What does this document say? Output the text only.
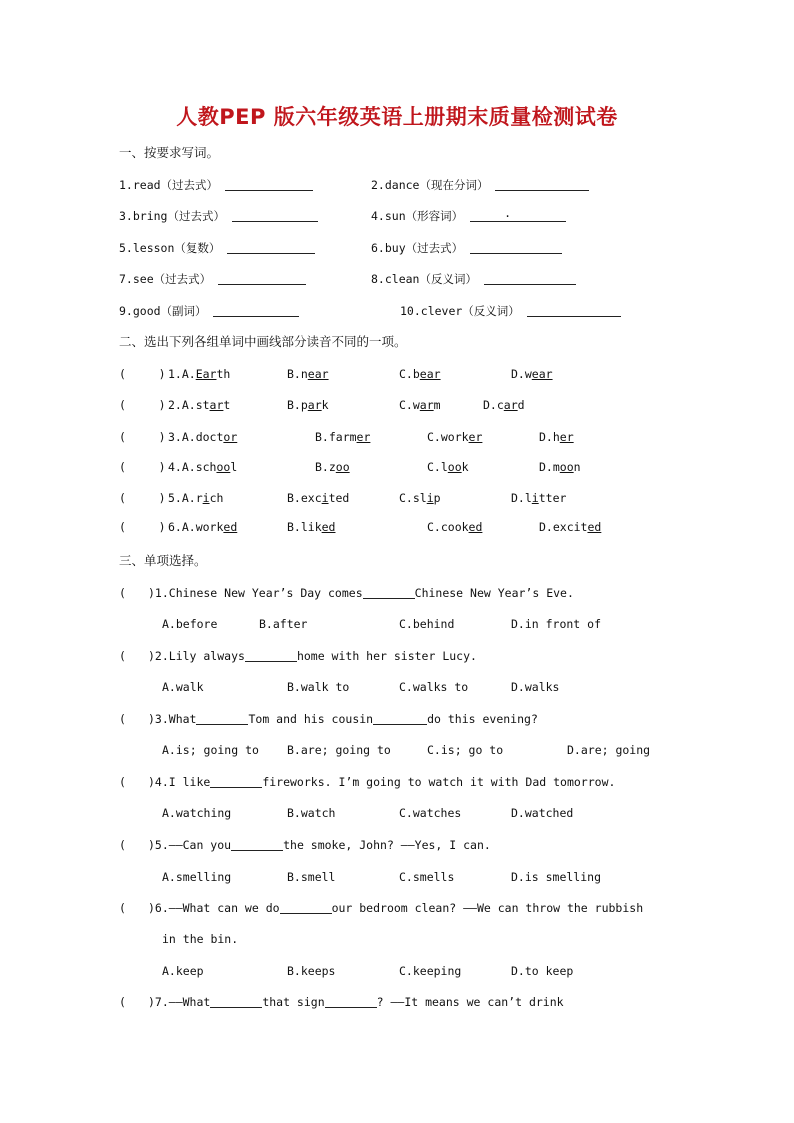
人教PEP 版六年级英语上册期末质量检测试卷
一、按要求写词。
1.read（过去式）	2.dance（现在分词）
3.bring（过去式）	4.sun（形容词）	.
5.lesson（复数）	6.buy（过去式）
7.see（过去式）	8.clean（反义词）
9.good（副词）	10.clever（反义词）
二、选出下列各组单词中画线部分读音不同的一项。
(    ) 1.A.Earth	B.near	C.bear	D.wear
(    ) 2.A.start	B.park	C.warm	D.card
(    ) 3.A.doctor	B.farmer	C.worker	D.her
(    ) 4.A.school	B.zoo	C.look	D.moon
(    ) 5.A.rich	B.excited	C.slip	D.litter
(    ) 6.A.worked	B.liked	C.cooked	D.excited
三、单项选择。
(
)1.Chinese New Year’s Day comes	Chinese New Year’s Eve.
A.before	B.after	C.behind	D.in front of
(
)2.Lily always	home with her sister Lucy.
A.walk	B.walk to	C.walks to	D.walks
(
)3.What	Tom and his cousin	do this evening?
A.is; going to B.are; going to	C.is; go to	D.are; going
(
)4.I like	fireworks. I’m going to watch it with Dad tomorrow.
A.watching	B.watch	C.watches	D.watched
(
)5.——Can you	the smoke, John? ——Yes, I can.
A.smelling	B.smell	C.smells	D.is smelling
(
)6.——What can we do	our bedroom clean? ——We can throw the rubbish
in the bin.
A.keep	B.keeps	C.keeping	D.to keep
(
)7.——What	that sign	? ——It means we can’t drink
